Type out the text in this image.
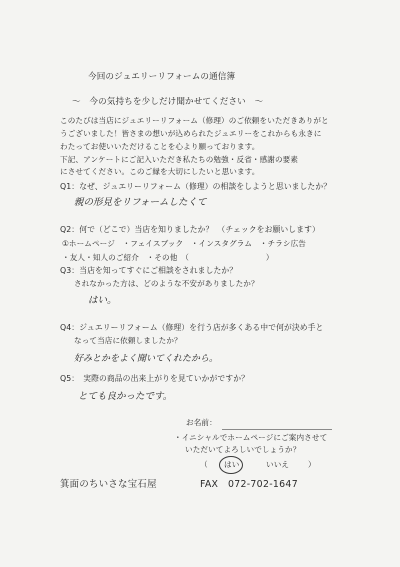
今回のジュエリーリフォームの通信簿
～　今の気持ちを少しだけ聞かせてください　～
このたびは当店にジュエリーリフォーム（修理）のご依頼をいただきありがと
うございました！皆さまの想いが込められたジュエリーをこれからも永きに
わたってお使いいただけることを心より願っております。
下記、アンケートにご記入いただき私たちの勉強・反省・感謝の要素
にさせてください。このご縁を大切にしたいと思います。
Q1：なぜ、ジュエリーリフォーム（修理）の相談をしようと思いましたか？
親の形見をリフォームしたくて
Q2：何で（どこで）当店を知りましたか？　（チェックをお願いします）
①ホームページ　・フェイスブック　・インスタグラム　・チラシ広告
・友人・知人のご紹介　・その他　（　　　　　　　　　　）
Q3：当店を知ってすぐにご相談をされましたか？
されなかった方は、どのような不安がありましたか？
はい。
Q4：ジュエリーリフォーム（修理）を行う店が多くある中で何が決め手と
なって当店に依頼しましたか？
好みとかをよく聞いてくれたから。
Q5：　実際の商品の出来上がりを見ていかがですか？
とても良かったです。
お名前：
・イニシャルでホームページにご案内させて
いただいてよろしいでしょうか？
（ はい	いいえ ）
箕面のちいさな宝石屋	FAX　072-702-1647
